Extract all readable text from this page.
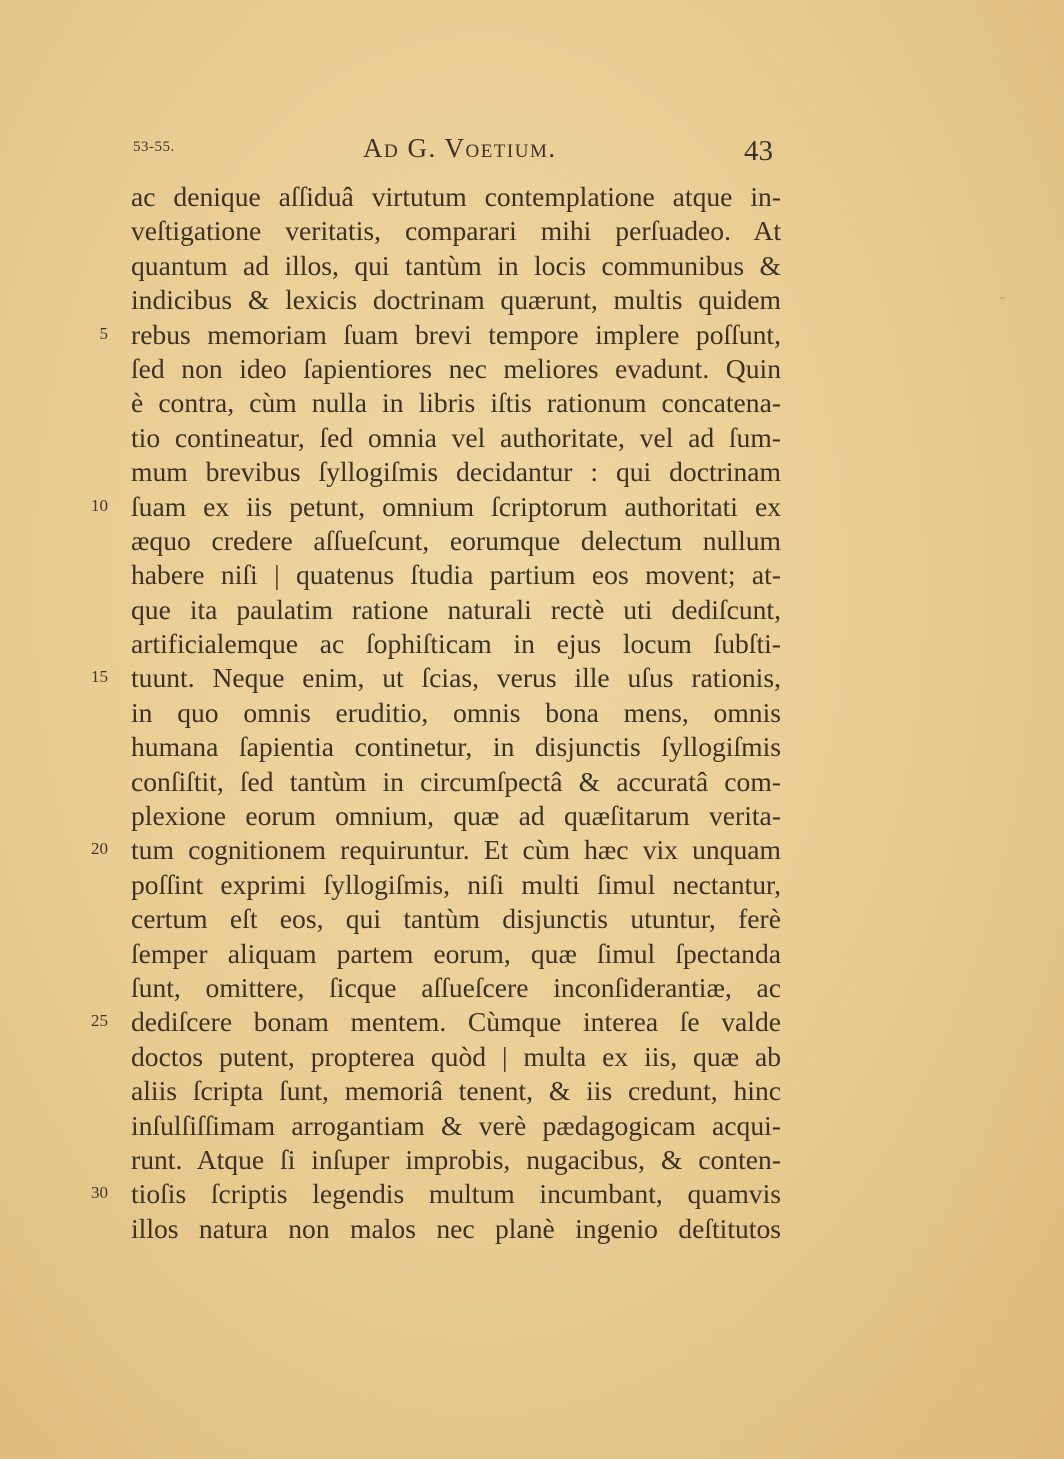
53-55.	Ad G. Voetium.	43
ac denique aſſiduâ virtutum contemplatione atque in-
veſtigatione veritatis, comparari mihi perſuadeo. At
quantum ad illos, qui tantùm in locis communibus &
indicibus & lexicis doctrinam quærunt, multis quidem
5 rebus memoriam ſuam brevi tempore implere poſſunt,
ſed non ideo ſapientiores nec meliores evadunt. Quin
è contra, cùm nulla in libris iſtis rationum concatena-
tio contineatur, ſed omnia vel authoritate, vel ad ſum-
mum brevibus ſyllogiſmis decidantur : qui doctrinam
10 ſuam ex iis petunt, omnium ſcriptorum authoritati ex
æquo credere aſſueſcunt, eorumque delectum nullum
habere niſi | quatenus ſtudia partium eos movent; at-
que ita paulatim ratione naturali rectè uti dediſcunt,
artificialemque ac ſophiſticam in ejus locum ſubſti-
15 tuunt. Neque enim, ut ſcias, verus ille uſus rationis,
in quo omnis eruditio, omnis bona mens, omnis
humana ſapientia continetur, in disjunctis ſyllogiſmis
conſiſtit, ſed tantùm in circumſpectâ & accuratâ com-
plexione eorum omnium, quæ ad quæſitarum verita-
20 tum cognitionem requiruntur. Et cùm hæc vix unquam
poſſint exprimi ſyllogiſmis, niſi multi ſimul nectantur,
certum eſt eos, qui tantùm disjunctis utuntur, ferè
ſemper aliquam partem eorum, quæ ſimul ſpectanda
ſunt, omittere, ſicque aſſueſcere inconſiderantiæ, ac
25 dediſcere bonam mentem. Cùmque interea ſe valde
doctos putent, propterea quòd | multa ex iis, quæ ab
aliis ſcripta ſunt, memoriâ tenent, & iis credunt, hinc
inſulſiſſimam arrogantiam & verè pædagogicam acqui-
runt. Atque ſi inſuper improbis, nugacibus, & conten-
30 tioſis ſcriptis legendis multum incumbant, quamvis
illos natura non malos nec planè ingenio deſtitutos
